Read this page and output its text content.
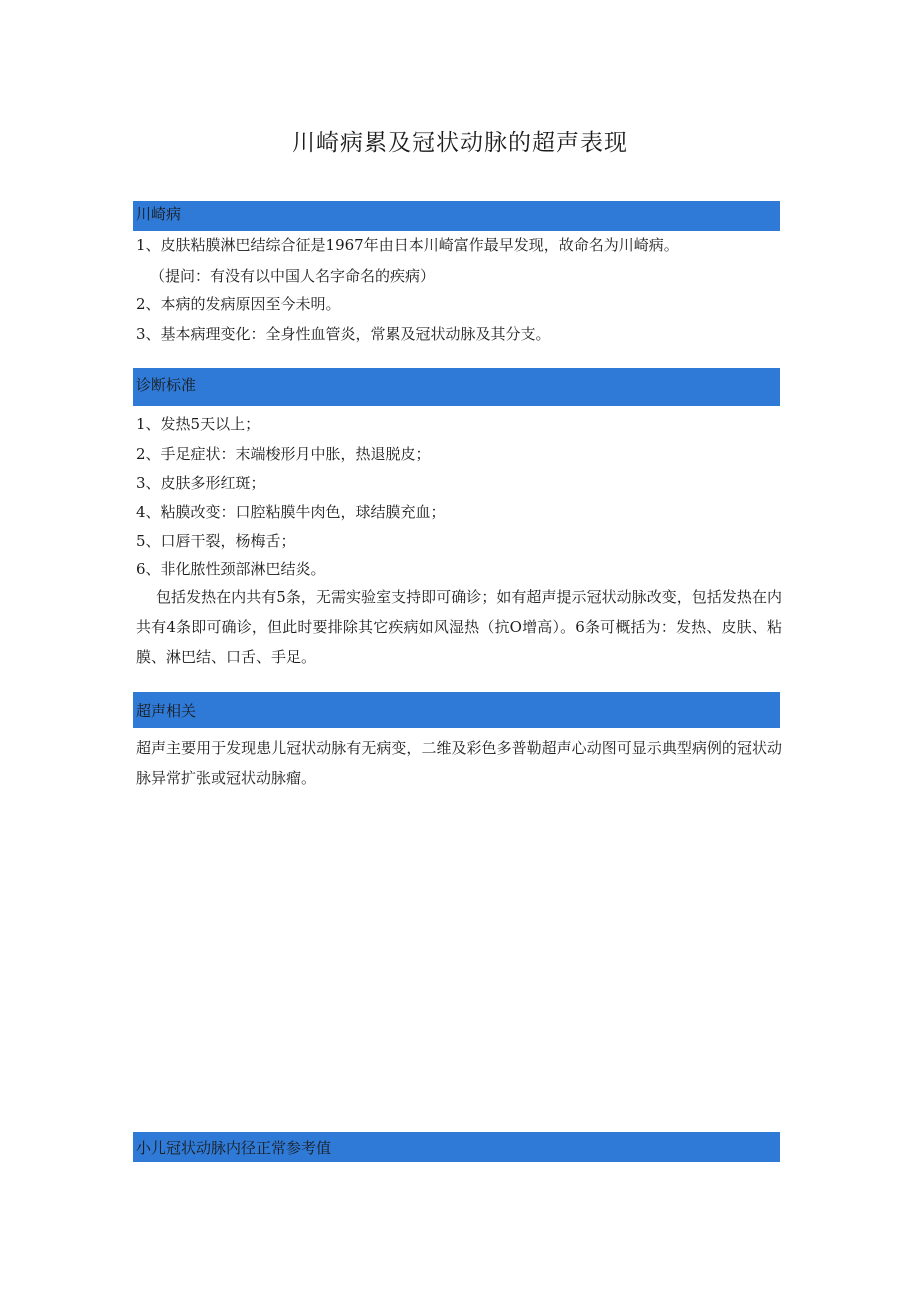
川崎病累及冠状动脉的超声表现
川崎病
1、皮肤粘膜淋巴结综合征是1967年由日本川崎富作最早发现，故命名为川崎病。
（提问：有没有以中国人名字命名的疾病）
2、本病的发病原因至今未明。
3、基本病理变化：全身性血管炎，常累及冠状动脉及其分支。
诊断标准
1、发热5天以上；
2、手足症状：末端梭形月中胀，热退脱皮；
3、皮肤多形红斑；
4、粘膜改变：口腔粘膜牛肉色，球结膜充血；
5、口唇干裂，杨梅舌；
6、非化脓性颈部淋巴结炎。
包括发热在内共有5条，无需实验室支持即可确诊；如有超声提示冠状动脉改变，包括发热在内共有4条即可确诊，但此时要排除其它疾病如风湿热（抗O增高）。6条可概括为：发热、皮肤、粘膜、淋巴结、口舌、手足。
超声相关
超声主要用于发现患儿冠状动脉有无病变，二维及彩色多普勒超声心动图可显示典型病例的冠状动脉异常扩张或冠状动脉瘤。
小儿冠状动脉内径正常参考值
